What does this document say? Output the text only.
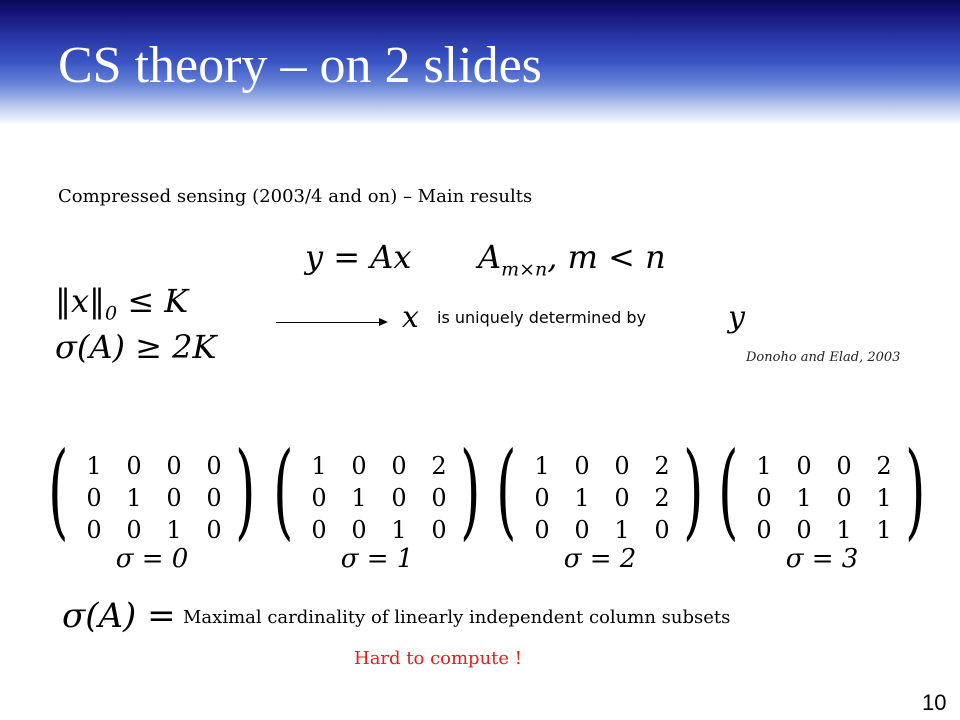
CS theory – on 2 slides
Compressed sensing (2003/4 and on) – Main results
y = Ax $A_{m\times n}$, m < n
$‖x‖_0 \le K$
σ(A) ≥ 2K
x is uniquely determined by	y
Donoho and Elad, 2003
( 1	0	0	0
0	1	0	0
0	0	1	0 )
σ = 0
( 1	0	0	2
0	1	0	0
0	0	1	0 )
σ = 1
( 1	0	0	2
0	1	0	2
0	0	1	0 )
σ = 2
( 1	0	0	2
0	1	0	1
0	0	1	1 )
σ = 3
σ(A) = Maximal cardinality of linearly independent column subsets
Hard to compute !
10
